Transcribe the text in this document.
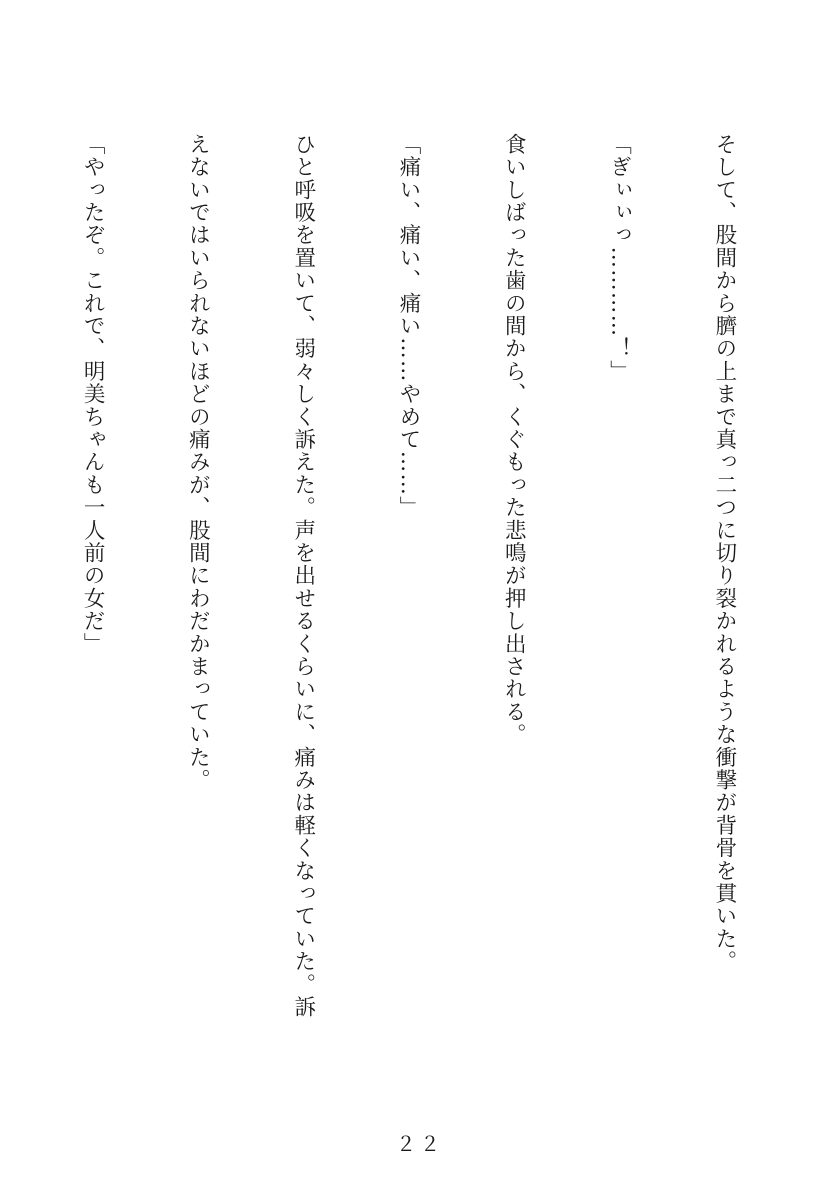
そして、股間から臍の上まで真っ二つに切り裂かれるような衝撃が背骨を貫いた。

「ぎぃぃっ…………！」

食いしばった歯の間から、くぐもった悲鳴が押し出される。

「痛い、痛い、痛い……やめて……」

ひと呼吸を置いて、弱々しく訴えた。声を出せるくらいに、痛みは軽くなっていた。訴

えないではいられないほどの痛みが、股間にわだかまっていた。

「やったぞ。これで、明美ちゃんも一人前の女だ」

２２
